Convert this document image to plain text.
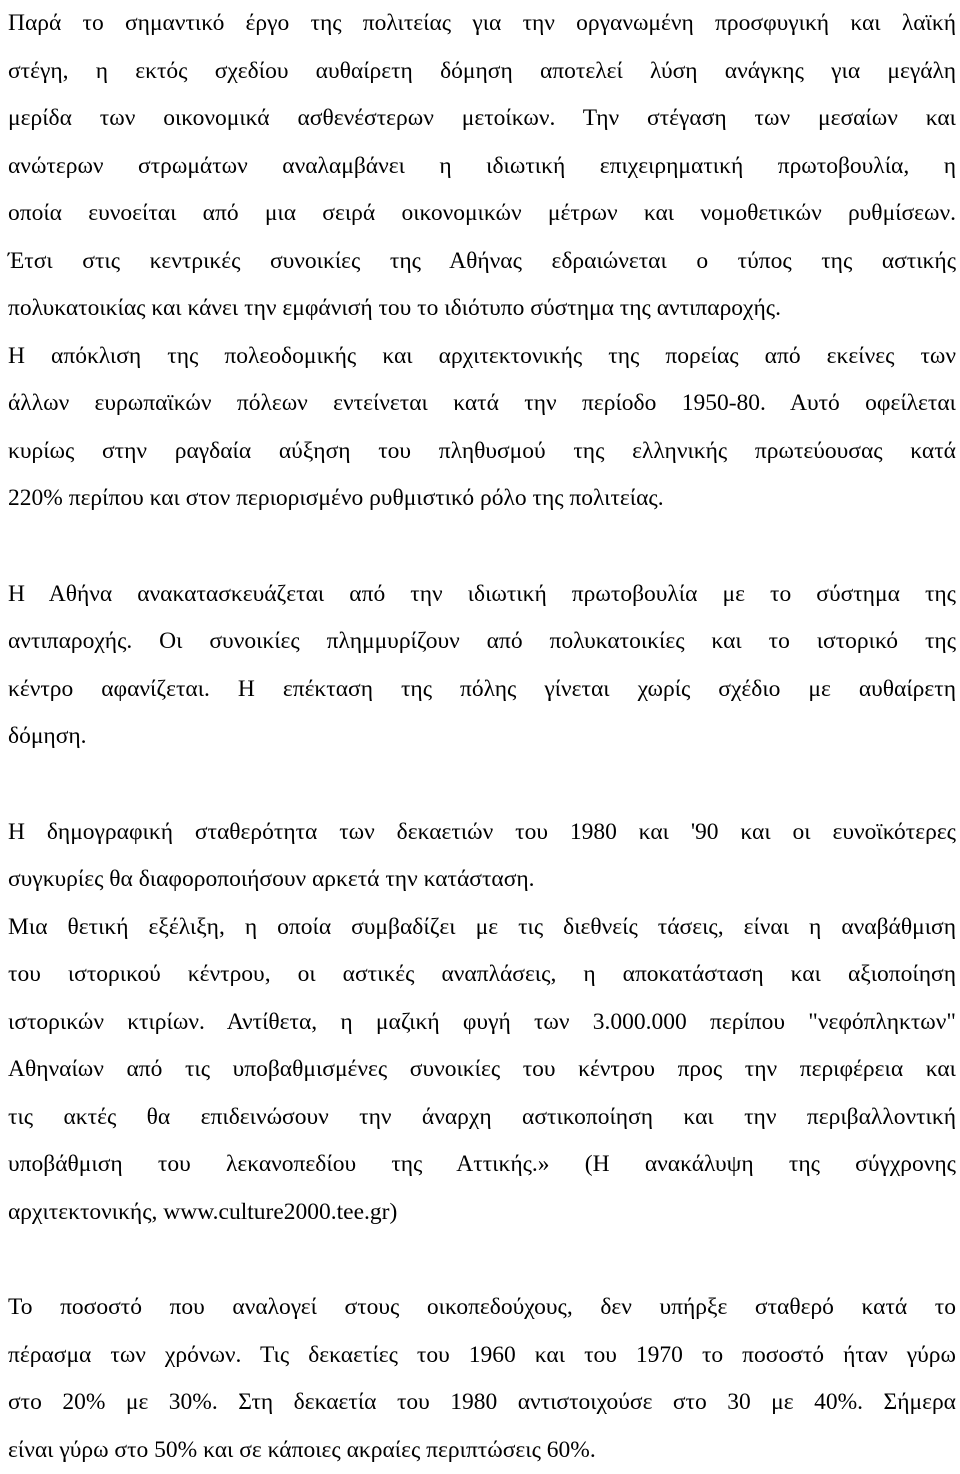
Παρά το σημαντικό έργο της πολιτείας για την οργανωμένη προσφυγική και λαϊκή
στέγη, η εκτός σχεδίου αυθαίρετη δόμηση αποτελεί λύση ανάγκης για μεγάλη
μερίδα των οικονομικά ασθενέστερων μετοίκων. Την στέγαση των μεσαίων και
ανώτερων στρωμάτων αναλαμβάνει η ιδιωτική επιχειρηματική πρωτοβουλία, η
οποία ευνοείται από μια σειρά οικονομικών μέτρων και νομοθετικών ρυθμίσεων.
Έτσι στις κεντρικές συνοικίες της Αθήνας εδραιώνεται ο τύπος της αστικής
πολυκατοικίας και κάνει την εμφάνισή του το ιδιότυπο σύστημα της αντιπαροχής.
Η απόκλιση της πολεοδομικής και αρχιτεκτονικής της πορείας από εκείνες των
άλλων ευρωπαϊκών πόλεων εντείνεται κατά την περίοδο 1950-80. Αυτό οφείλεται
κυρίως στην ραγδαία αύξηση του πληθυσμού της ελληνικής πρωτεύουσας κατά
220% περίπου και στον περιορισμένο ρυθμιστικό ρόλο της πολιτείας.
Η Αθήνα ανακατασκευάζεται από την ιδιωτική πρωτοβουλία με το σύστημα της
αντιπαροχής. Οι συνοικίες πλημμυρίζουν από πολυκατοικίες και το ιστορικό της
κέντρο αφανίζεται. Η επέκταση της πόλης γίνεται χωρίς σχέδιο με αυθαίρετη
δόμηση.
Η δημογραφική σταθερότητα των δεκαετιών του 1980 και '90 και οι ευνοϊκότερες
συγκυρίες θα διαφοροποιήσουν αρκετά την κατάσταση.
Μια θετική εξέλιξη, η οποία συμβαδίζει με τις διεθνείς τάσεις, είναι η αναβάθμιση
του ιστορικού κέντρου, οι αστικές αναπλάσεις, η αποκατάσταση και αξιοποίηση
ιστορικών κτιρίων. Αντίθετα, η μαζική φυγή των 3.000.000 περίπου "νεφόπληκτων"
Αθηναίων από τις υποβαθμισμένες συνοικίες του κέντρου προς την περιφέρεια και
τις ακτές θα επιδεινώσουν την άναρχη αστικοποίηση και την περιβαλλοντική
υποβάθμιση του λεκανοπεδίου της Αττικής.» (Η ανακάλυψη της σύγχρονης
αρχιτεκτονικής, www.culture2000.tee.gr)
Το ποσοστό που αναλογεί στους οικοπεδούχους, δεν υπήρξε σταθερό κατά το
πέρασμα των χρόνων. Τις δεκαετίες του 1960 και του 1970 το ποσοστό ήταν γύρω
στο 20% με 30%. Στη δεκαετία του 1980 αντιστοιχούσε στο 30 με 40%. Σήμερα
είναι γύρω στο 50% και σε κάποιες ακραίες περιπτώσεις 60%.
